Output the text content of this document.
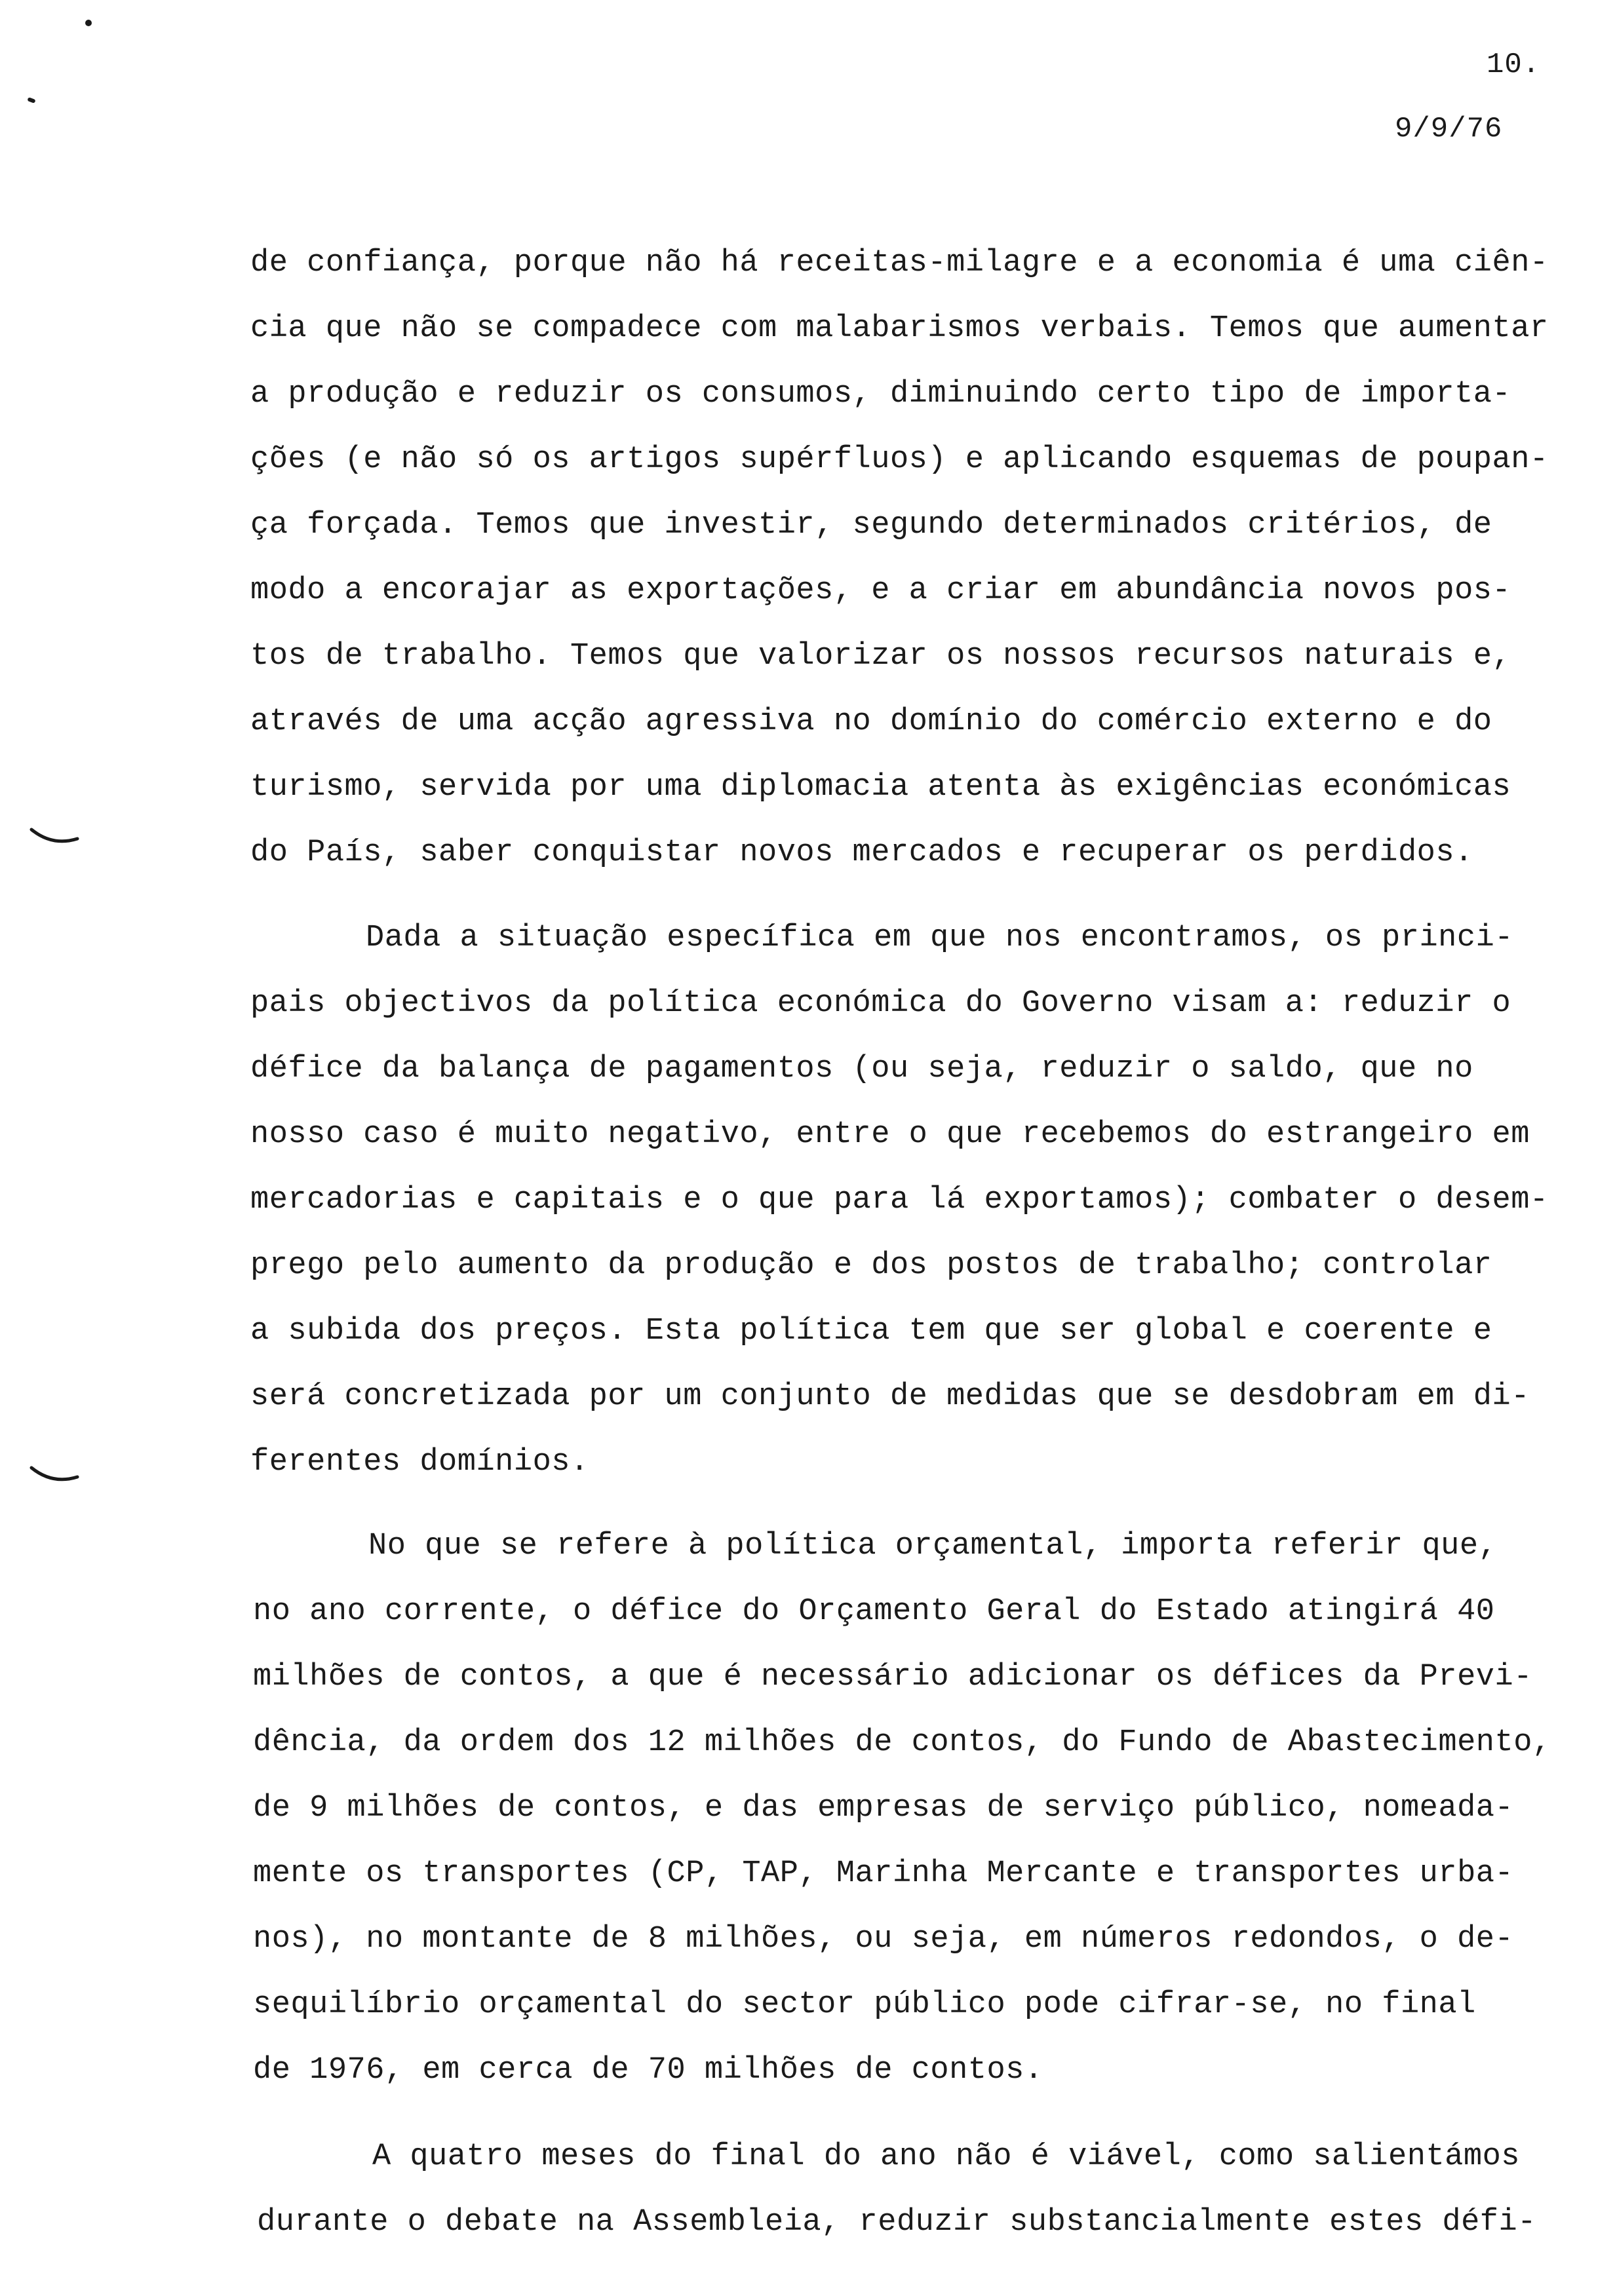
10.
9/9/76
de confiança, porque não há receitas-milagre e a economia é uma ciên-
cia que não se compadece com malabarismos verbais. Temos que aumentar
a produção e reduzir os consumos, diminuindo certo tipo de importa-
ções (e não só os artigos supérfluos) e aplicando esquemas de poupan-
ça forçada. Temos que investir, segundo determinados critérios, de
modo a encorajar as exportações, e a criar em abundância novos pos-
tos de trabalho. Temos que valorizar os nossos recursos naturais e,
através de uma acção agressiva no domínio do comércio externo e do
turismo, servida por uma diplomacia atenta às exigências económicas
do País, saber conquistar novos mercados e recuperar os perdidos.
Dada a situação específica em que nos encontramos, os princi-
pais objectivos da política económica do Governo visam a: reduzir o
défice da balança de pagamentos (ou seja, reduzir o saldo, que no
nosso caso é muito negativo, entre o que recebemos do estrangeiro em
mercadorias e capitais e o que para lá exportamos); combater o desem-
prego pelo aumento da produção e dos postos de trabalho; controlar
a subida dos preços. Esta política tem que ser global e coerente e
será concretizada por um conjunto de medidas que se desdobram em di-
ferentes domínios.
No que se refere à política orçamental, importa referir que,
no ano corrente, o défice do Orçamento Geral do Estado atingirá 40
milhões de contos, a que é necessário adicionar os défices da Previ-
dência, da ordem dos 12 milhões de contos, do Fundo de Abastecimento,
de 9 milhões de contos, e das empresas de serviço público, nomeada-
mente os transportes (CP, TAP, Marinha Mercante e transportes urba-
nos), no montante de 8 milhões, ou seja, em números redondos, o de-
sequilíbrio orçamental do sector público pode cifrar-se, no final
de 1976, em cerca de 70 milhões de contos.
A quatro meses do final do ano não é viável, como salientámos
durante o debate na Assembleia, reduzir substancialmente estes défi-
